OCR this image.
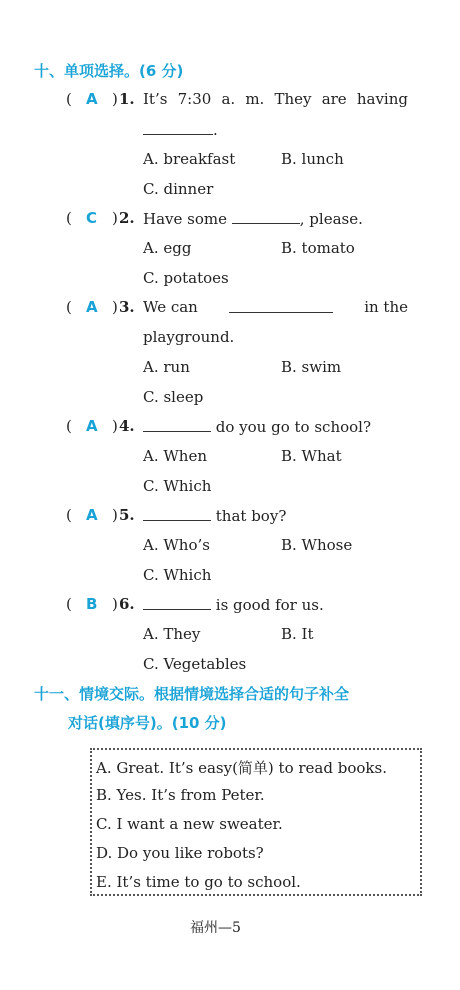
十、单项选择。(6 分)
( A ) 1. It’s 7:30 a. m. They are having
.
A. breakfast	B. lunch
C. dinner
( C ) 2. Have some	, please.
A. egg	B. tomato
C. potatoes
( A ) 3. We can	in the
playground.
A. run	B. swim
C. sleep
( A ) 4.	do you go to school?
A. When	B. What
C. Which
( A ) 5.	that boy?
A. Who’s	B. Whose
C. Which
( B ) 6.	is good for us.
A. They	B. It
C. Vegetables
十一、情境交际。根据情境选择合适的句子补全
对话(填序号)。(10 分)
A. Great. It’s easy(简单) to read books.
B. Yes. It’s from Peter.
C. I want a new sweater.
D. Do you like robots?
E. It’s time to go to school.
福州—5
